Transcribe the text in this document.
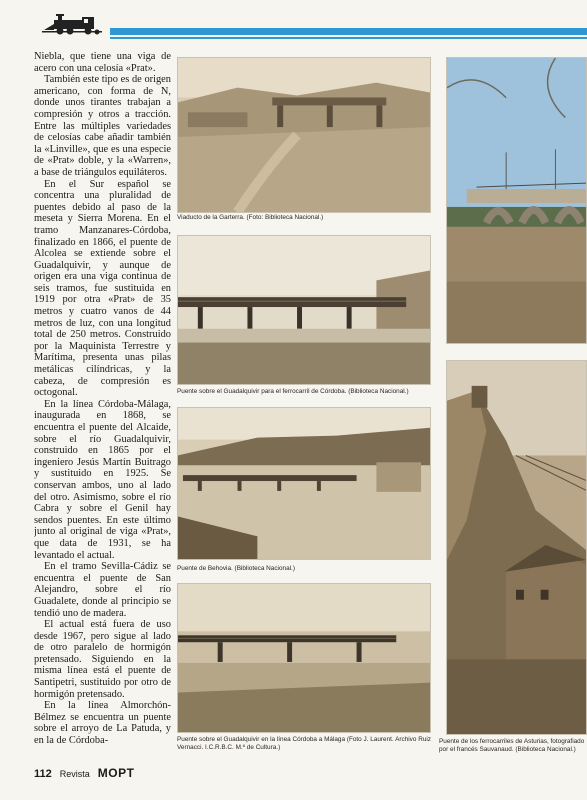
Niebla, que tiene una viga de acero con una celosía «Prat».

También este tipo es de origen americano, con forma de N, donde unos tirantes trabajan a compresión y otros a tracción. Entre las múltiples variedades de celosías cabe añadir también la «Linville», que es una especie de «Prat» doble, y la «Warren», a base de triángulos equiláteros.

En el Sur español se concentra una pluralidad de puentes debido al paso de la meseta y Sierra Morena. En el tramo Manzanares-Córdoba, finalizado en 1866, el puente de Alcolea se extiende sobre el Guadalquivir, y aunque de origen era una viga continua de seis tramos, fue sustituida en 1919 por otra «Prat» de 35 metros y cuatro vanos de 44 metros de luz, con una longitud total de 250 metros. Construido por la Maquinista Terrestre y Marítima, presenta unas pilas metálicas cilíndricas, y la cabeza, de compresión es octogonal.

En la línea Córdoba-Málaga, inaugurada en 1868, se encuentra el puente del Alcaide, sobre el río Guadalquivir, construido en 1865 por el ingeniero Jesús Martín Buitrago y sustituido en 1925. Se conservan ambos, uno al lado del otro. Asimismo, sobre el río Cabra y sobre el Genil hay sendos puentes. En este último junto al original de viga «Prat», que data de 1931, se ha levantado el actual.

En el tramo Sevilla-Cádiz se encuentra el puente de San Alejandro, sobre el río Guadalete, donde al principio se tendió uno de madera.

El actual está fuera de uso desde 1967, pero sigue al lado de otro paralelo de hormigón pretensado. Siguiendo en la misma línea está el puente de Santipetri, sustituido por otro de hormigón pretensado.

En la línea Almorchón-Bélmez se encuentra un puente sobre el arroyo de La Patuda, y en la de Córdoba-

Viaducto de la Garterra. (Foto: Biblioteca Nacional.)
Puente sobre el Guadalquivir para el ferrocarril de Córdoba. (Biblioteca Nacional.)
Puente de Behovia. (Biblioteca Nacional.)
Puente sobre el Guadalquivir en la línea Córdoba a Málaga (Foto J. Laurent. Archivo Ruiz Vernacci. I.C.R.B.C. M.º de Cultura.)
Puente de los ferrocarriles de Asturias, fotografiado por el francés Sauvanaud. (Biblioteca Nacional.)
112 Revista MOPT
